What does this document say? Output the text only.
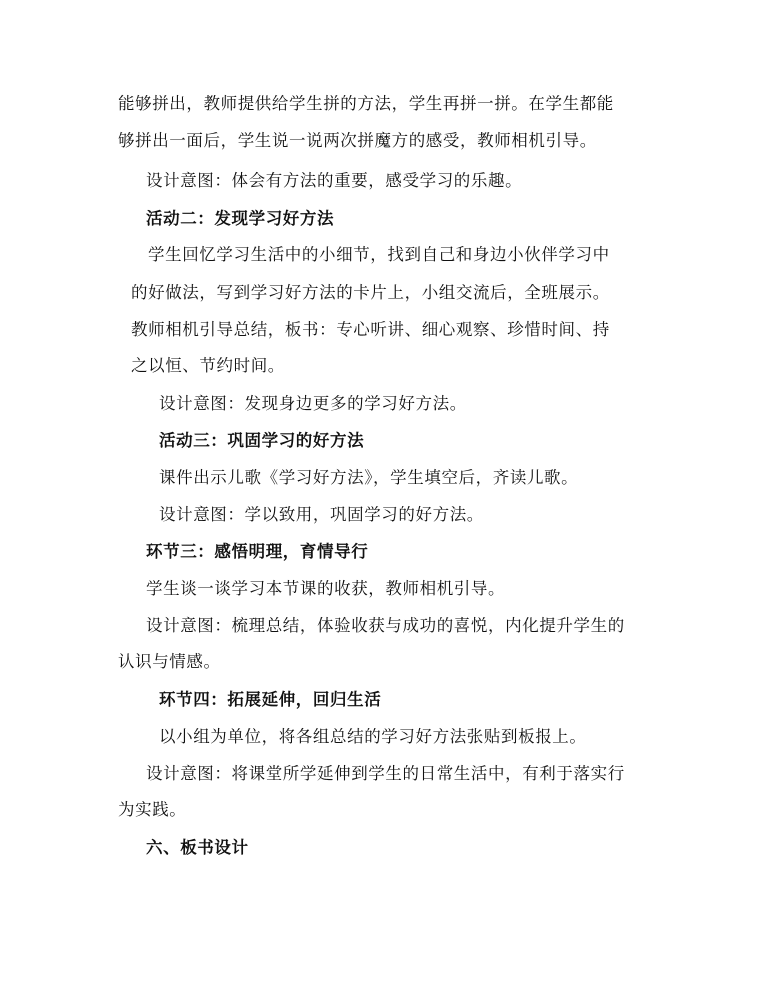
能够拼出，教师提供给学生拼的方法，学生再拼一拼。在学生都能
够拼出一面后，学生说一说两次拼魔方的感受，教师相机引导。
设计意图：体会有方法的重要，感受学习的乐趣。
活动二：发现学习好方法
学生回忆学习生活中的小细节，找到自己和身边小伙伴学习中
的好做法，写到学习好方法的卡片上，小组交流后，全班展示。
教师相机引导总结，板书：专心听讲、细心观察、珍惜时间、持
之以恒、节约时间。
设计意图：发现身边更多的学习好方法。
活动三：巩固学习的好方法
课件出示儿歌《学习好方法》，学生填空后，齐读儿歌。
设计意图：学以致用，巩固学习的好方法。
环节三：感悟明理，育情导行
学生谈一谈学习本节课的收获，教师相机引导。
设计意图：梳理总结，体验收获与成功的喜悦，内化提升学生的
认识与情感。
环节四：拓展延伸，回归生活
以小组为单位，将各组总结的学习好方法张贴到板报上。
设计意图：将课堂所学延伸到学生的日常生活中，有利于落实行
为实践。
六、板书设计
